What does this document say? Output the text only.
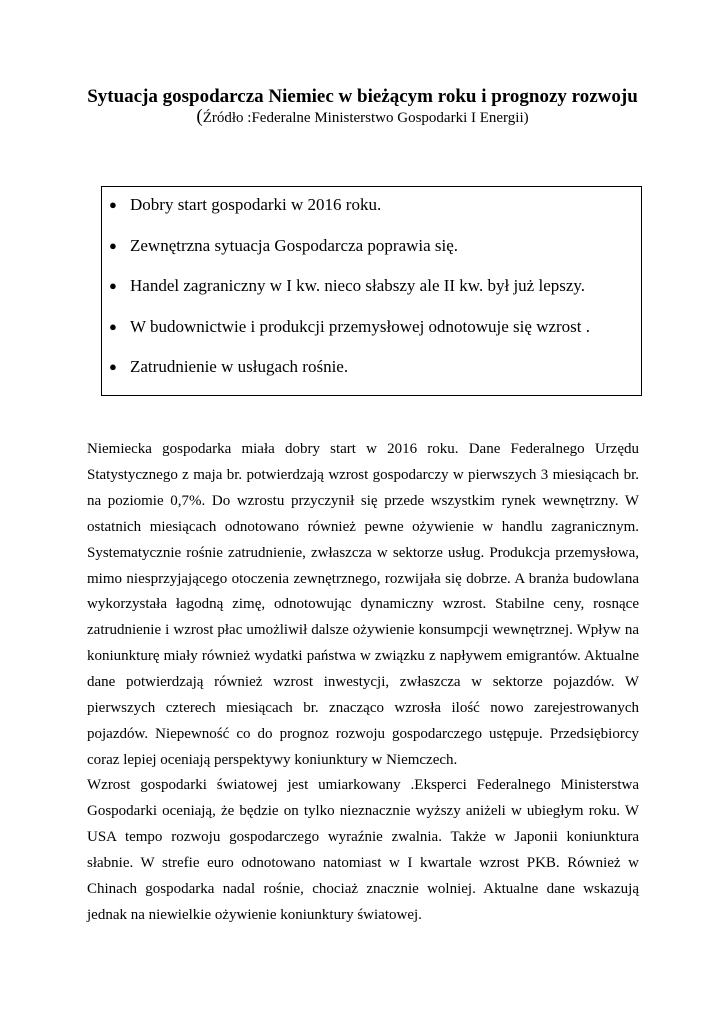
Sytuacja gospodarcza Niemiec w bieżącym roku i prognozy rozwoju
(Źródło :Federalne Ministerstwo Gospodarki I Energii)
● Dobry start gospodarki w 2016 roku.
● Zewnętrzna sytuacja Gospodarcza poprawia się.
● Handel zagraniczny w I kw. nieco słabszy ale II kw. był już lepszy.
● W budownictwie i produkcji przemysłowej odnotowuje się wzrost .
● Zatrudnienie w usługach rośnie.

Niemiecka gospodarka miała dobry start w 2016 roku. Dane Federalnego Urzędu Statystycznego z maja br. potwierdzają wzrost gospodarczy w pierwszych 3 miesiącach br. na poziomie 0,7%. Do wzrostu przyczynił się przede wszystkim rynek wewnętrzny. W ostatnich miesiącach odnotowano również pewne ożywienie w handlu zagranicznym. Systematycznie rośnie zatrudnienie, zwłaszcza w sektorze usług. Produkcja przemysłowa, mimo niesprzyjającego otoczenia zewnętrznego, rozwijała się dobrze. A branża budowlana wykorzystała łagodną zimę, odnotowując dynamiczny wzrost. Stabilne ceny, rosnące zatrudnienie i wzrost płac umożliwił dalsze ożywienie konsumpcji wewnętrznej. Wpływ na koniunkturę miały również wydatki państwa w związku z napływem emigrantów. Aktualne dane potwierdzają również wzrost inwestycji, zwłaszcza w sektorze pojazdów. W pierwszych czterech miesiącach br. znacząco wzrosła ilość nowo zarejestrowanych pojazdów. Niepewność co do prognoz rozwoju gospodarczego ustępuje. Przedsiębiorcy coraz lepiej oceniają perspektywy koniunktury w Niemczech.

Wzrost gospodarki światowej jest umiarkowany .Eksperci Federalnego Ministerstwa Gospodarki oceniają, że będzie on tylko nieznacznie wyższy aniżeli w ubiegłym roku. W USA tempo rozwoju gospodarczego wyraźnie zwalnia. Także w Japonii koniunktura słabnie. W strefie euro odnotowano natomiast w I kwartale wzrost PKB. Również w Chinach gospodarka nadal rośnie, chociaż znacznie wolniej. Aktualne dane wskazują jednak na niewielkie ożywienie koniunktury światowej.
